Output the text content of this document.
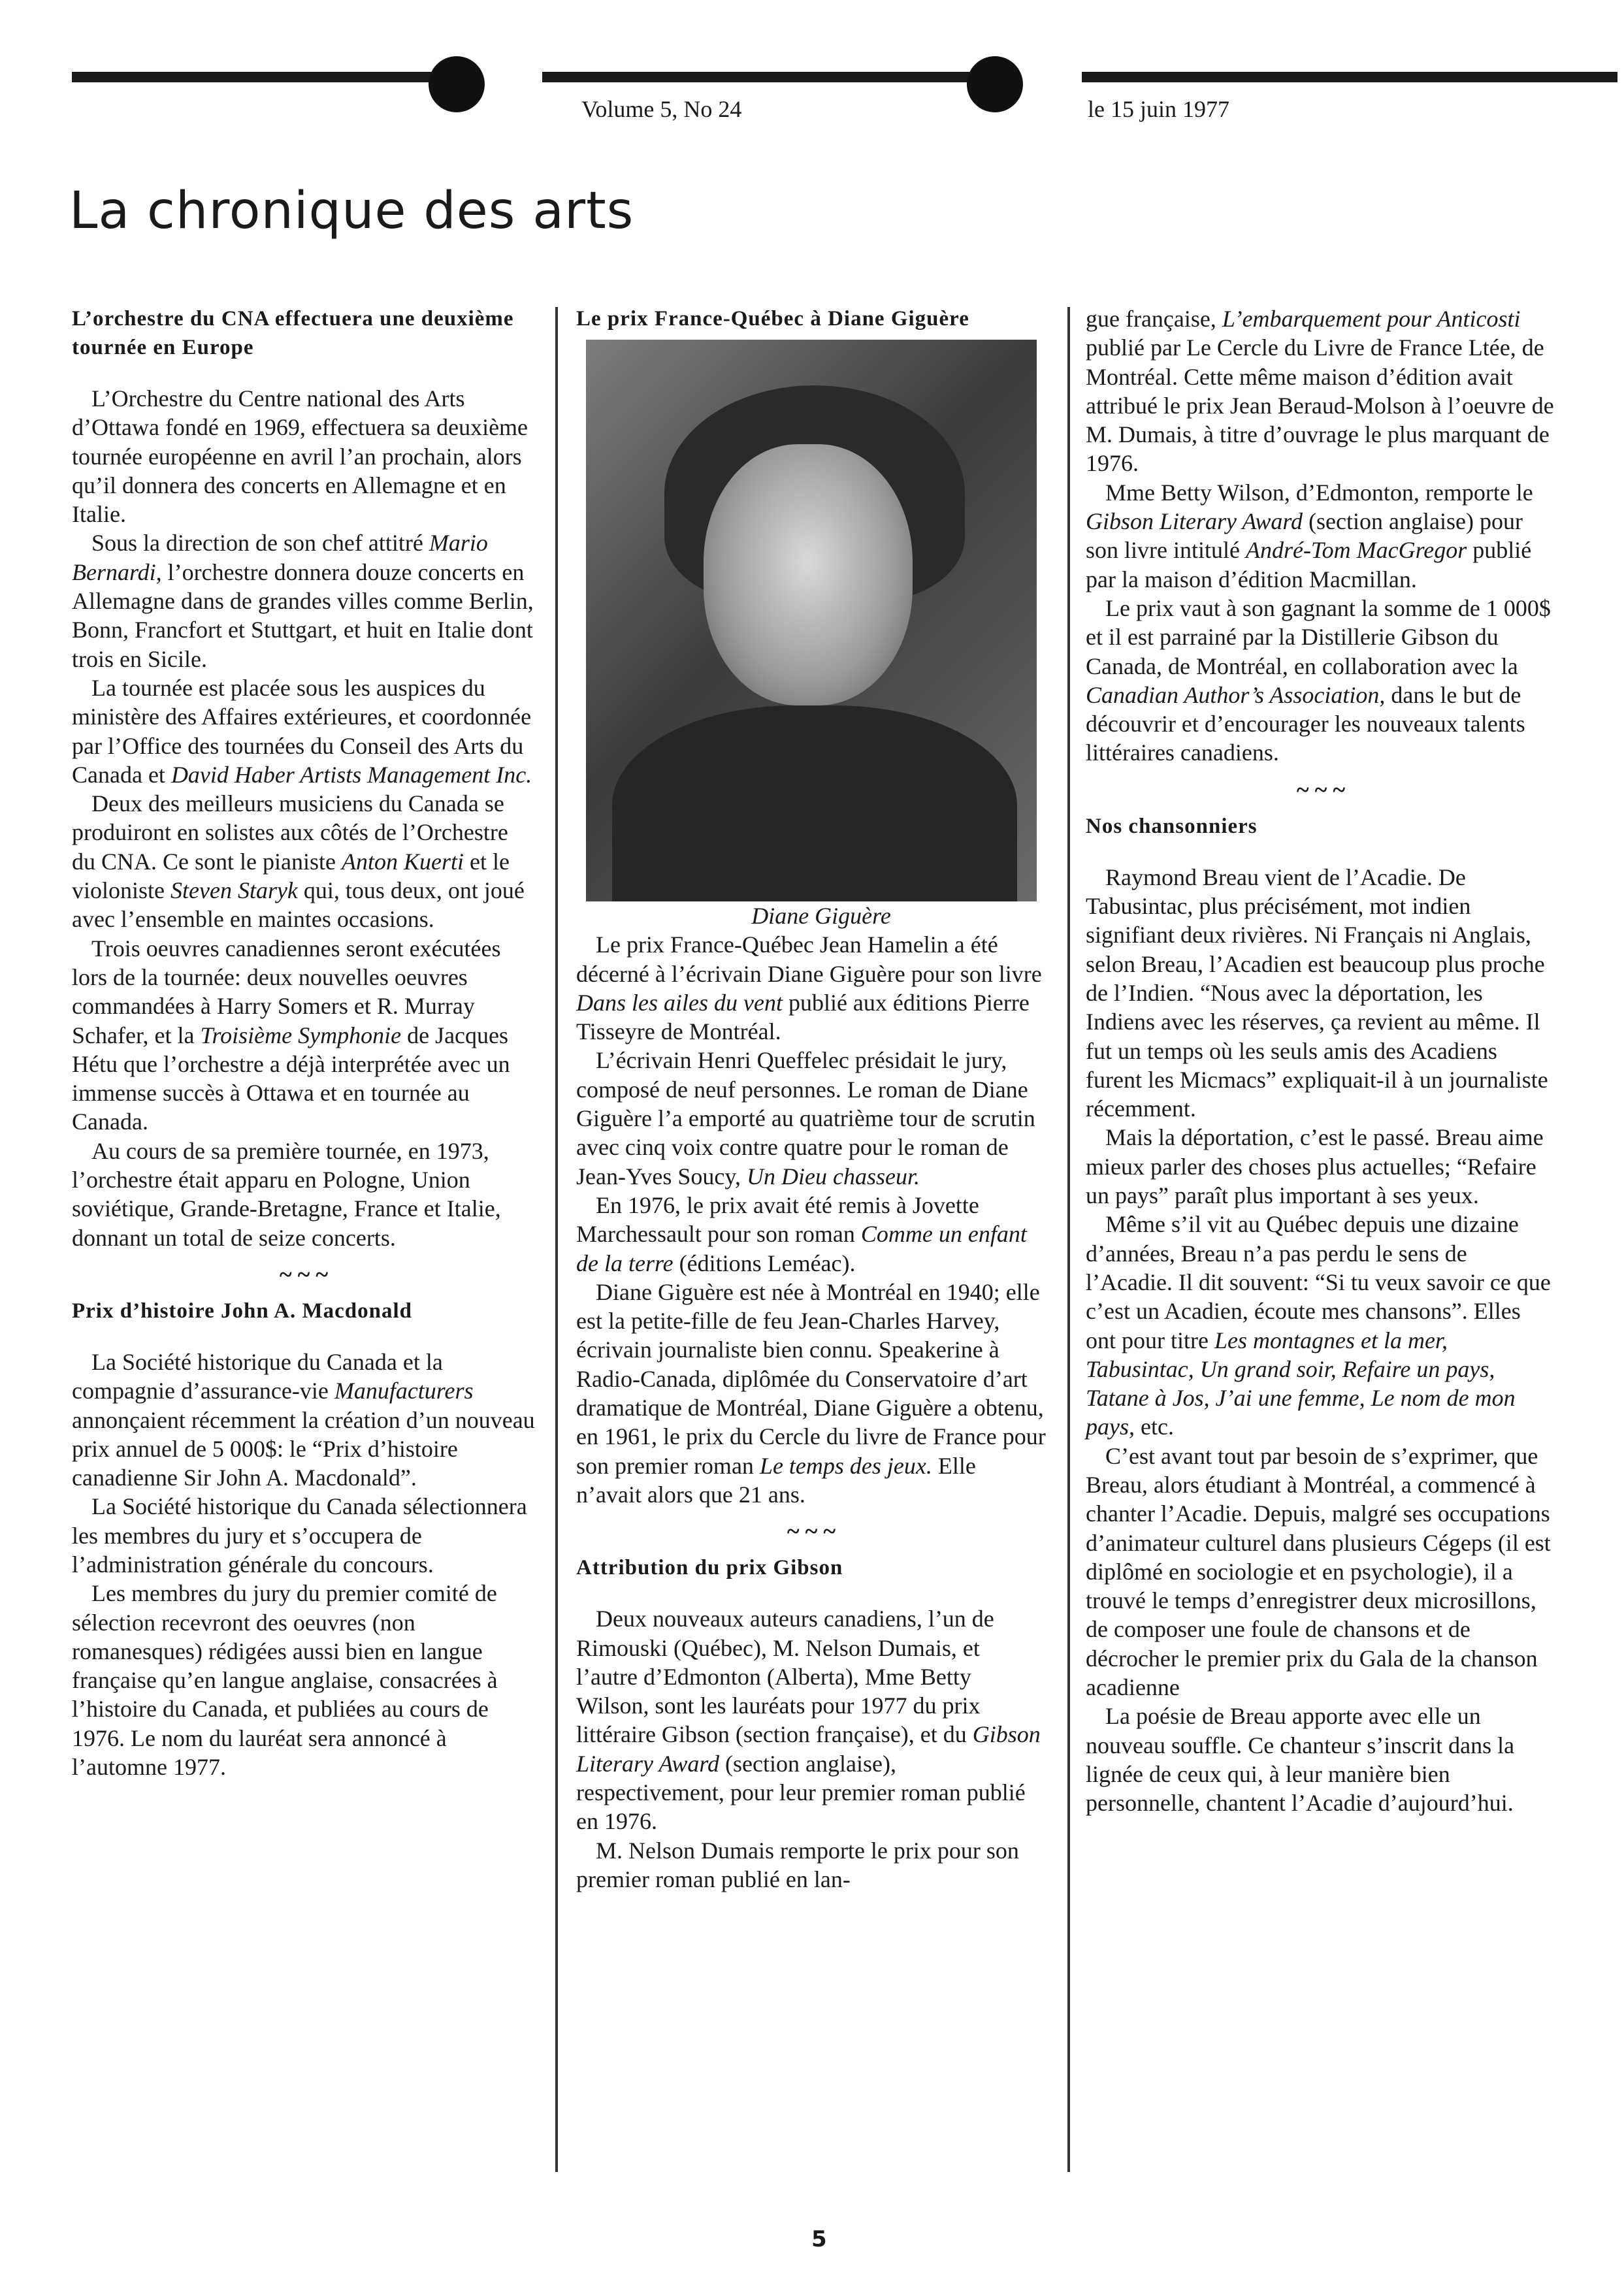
Volume 5, No 24	le 15 juin 1977
La chronique des arts

L’orchestre du CNA effectuera une deuxième tournée en Europe

L’Orchestre du Centre national des Arts d’Ottawa fondé en 1969, effectuera sa deuxième tournée européenne en avril l’an prochain, alors qu’il donnera des concerts en Allemagne et en Italie.

Sous la direction de son chef attitré Mario Bernardi, l’orchestre donnera douze concerts en Allemagne dans de grandes villes comme Berlin, Bonn, Francfort et Stuttgart, et huit en Italie dont trois en Sicile.

La tournée est placée sous les auspices du ministère des Affaires extérieures, et coordonnée par l’Office des tournées du Conseil des Arts du Canada et David Haber Artists Management Inc.

Deux des meilleurs musiciens du Canada se produiront en solistes aux côtés de l’Orchestre du CNA. Ce sont le pianiste Anton Kuerti et le violoniste Steven Staryk qui, tous deux, ont joué avec l’ensemble en maintes occasions.

Trois oeuvres canadiennes seront exécutées lors de la tournée: deux nouvelles oeuvres commandées à Harry Somers et R. Murray Schafer, et la Troisième Symphonie de Jacques Hétu que l’orchestre a déjà interprétée avec un immense succès à Ottawa et en tournée au Canada.

Au cours de sa première tournée, en 1973, l’orchestre était apparu en Pologne, Union soviétique, Grande-Bretagne, France et Italie, donnant un total de seize concerts.

~ ~ ~

Prix d’histoire John A. Macdonald

La Société historique du Canada et la compagnie d’assurance-vie Manufacturers annonçaient récemment la création d’un nouveau prix annuel de 5 000$: le “Prix d’histoire canadienne Sir John A. Macdonald”.

La Société historique du Canada sélectionnera les membres du jury et s’occupera de l’administration générale du concours.

Les membres du jury du premier comité de sélection recevront des oeuvres (non romanesques) rédigées aussi bien en langue française qu’en langue anglaise, consacrées à l’histoire du Canada, et publiées au cours de 1976. Le nom du lauréat sera annoncé à l’automne 1977.

Le prix France-Québec à Diane Giguère

Diane Giguère

Le prix France-Québec Jean Hamelin a été décerné à l’écrivain Diane Giguère pour son livre Dans les ailes du vent publié aux éditions Pierre Tisseyre de Montréal.

L’écrivain Henri Queffelec présidait le jury, composé de neuf personnes. Le roman de Diane Giguère l’a emporté au quatrième tour de scrutin avec cinq voix contre quatre pour le roman de Jean-Yves Soucy, Un Dieu chasseur.

En 1976, le prix avait été remis à Jovette Marchessault pour son roman Comme un enfant de la terre (éditions Leméac).

Diane Giguère est née à Montréal en 1940; elle est la petite-fille de feu Jean-Charles Harvey, écrivain journaliste bien connu. Speakerine à Radio-Canada, diplômée du Conservatoire d’art dramatique de Montréal, Diane Giguère a obtenu, en 1961, le prix du Cercle du livre de France pour son premier roman Le temps des jeux. Elle n’avait alors que 21 ans.

~ ~ ~

Attribution du prix Gibson

Deux nouveaux auteurs canadiens, l’un de Rimouski (Québec), M. Nelson Dumais, et l’autre d’Edmonton (Alberta), Mme Betty Wilson, sont les lauréats pour 1977 du prix littéraire Gibson (section française), et du Gibson Literary Award (section anglaise), respectivement, pour leur premier roman publié en 1976.

M. Nelson Dumais remporte le prix pour son premier roman publié en lan-

gue française, L’embarquement pour Anticosti publié par Le Cercle du Livre de France Ltée, de Montréal. Cette même maison d’édition avait attribué le prix Jean Beraud-Molson à l’oeuvre de M. Dumais, à titre d’ouvrage le plus marquant de 1976.

Mme Betty Wilson, d’Edmonton, remporte le Gibson Literary Award (section anglaise) pour son livre intitulé André-Tom MacGregor publié par la maison d’édition Macmillan.

Le prix vaut à son gagnant la somme de 1 000$ et il est parrainé par la Distillerie Gibson du Canada, de Montréal, en collaboration avec la Canadian Author’s Association, dans le but de découvrir et d’encourager les nouveaux talents littéraires canadiens.

~ ~ ~

Nos chansonniers

Raymond Breau vient de l’Acadie. De Tabusintac, plus précisément, mot indien signifiant deux rivières. Ni Français ni Anglais, selon Breau, l’Acadien est beaucoup plus proche de l’Indien. “Nous avec la déportation, les Indiens avec les réserves, ça revient au même. Il fut un temps où les seuls amis des Acadiens furent les Micmacs” expliquait-il à un journaliste récemment.

Mais la déportation, c’est le passé. Breau aime mieux parler des choses plus actuelles; “Refaire un pays” paraît plus important à ses yeux.

Même s’il vit au Québec depuis une dizaine d’années, Breau n’a pas perdu le sens de l’Acadie. Il dit souvent: “Si tu veux savoir ce que c’est un Acadien, écoute mes chansons”. Elles ont pour titre Les montagnes et la mer, Tabusintac, Un grand soir, Refaire un pays, Tatane à Jos, J’ai une femme, Le nom de mon pays, etc.

C’est avant tout par besoin de s’exprimer, que Breau, alors étudiant à Montréal, a commencé à chanter l’Acadie. Depuis, malgré ses occupations d’animateur culturel dans plusieurs Cégeps (il est diplômé en sociologie et en psychologie), il a trouvé le temps d’enregistrer deux microsillons, de composer une foule de chansons et de décrocher le premier prix du Gala de la chanson acadienne

La poésie de Breau apporte avec elle un nouveau souffle. Ce chanteur s’inscrit dans la lignée de ceux qui, à leur manière bien personnelle, chantent l’Acadie d’aujourd’hui.

5
